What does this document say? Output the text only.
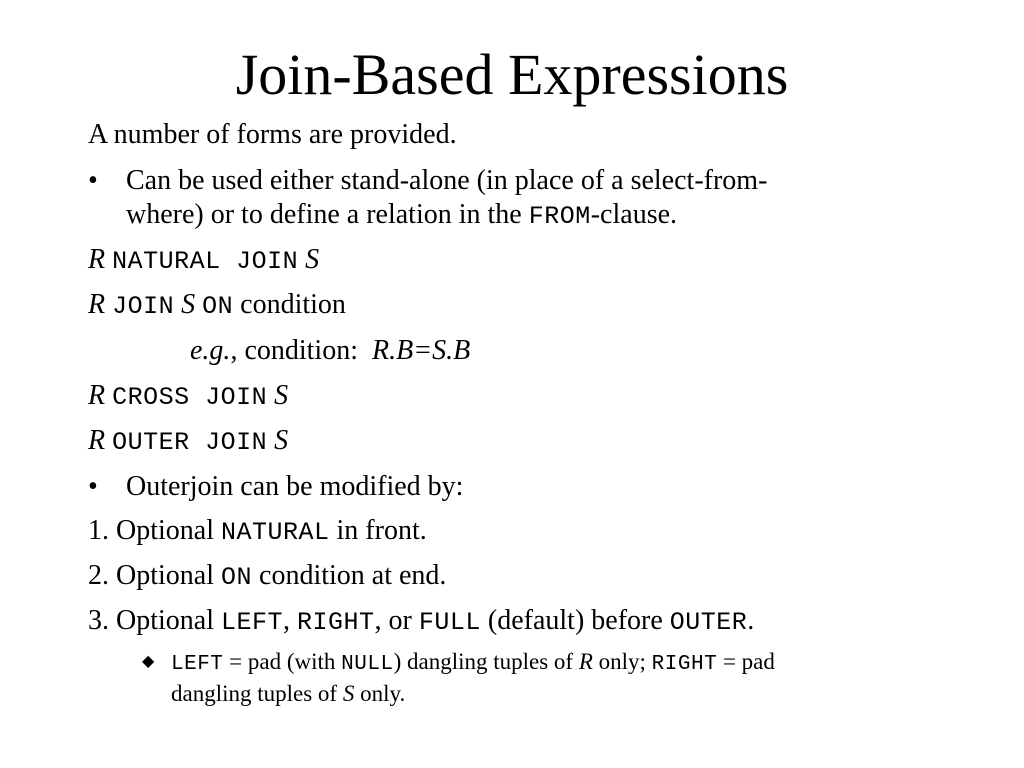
Join-Based Expressions
A number of forms are provided.
• Can be used either stand-alone (in place of a select-from-
where) or to define a relation in the FROM-clause.
R NATURAL JOIN S
R JOIN S ON condition
e.g., condition: R.B=S.B
R CROSS JOIN S
R OUTER JOIN S
• Outerjoin can be modified by:
1. Optional NATURAL in front.
2. Optional ON condition at end.
3. Optional LEFT, RIGHT, or FULL (default) before OUTER.
◆ LEFT = pad (with NULL) dangling tuples of R only; RIGHT = pad
dangling tuples of S only.
